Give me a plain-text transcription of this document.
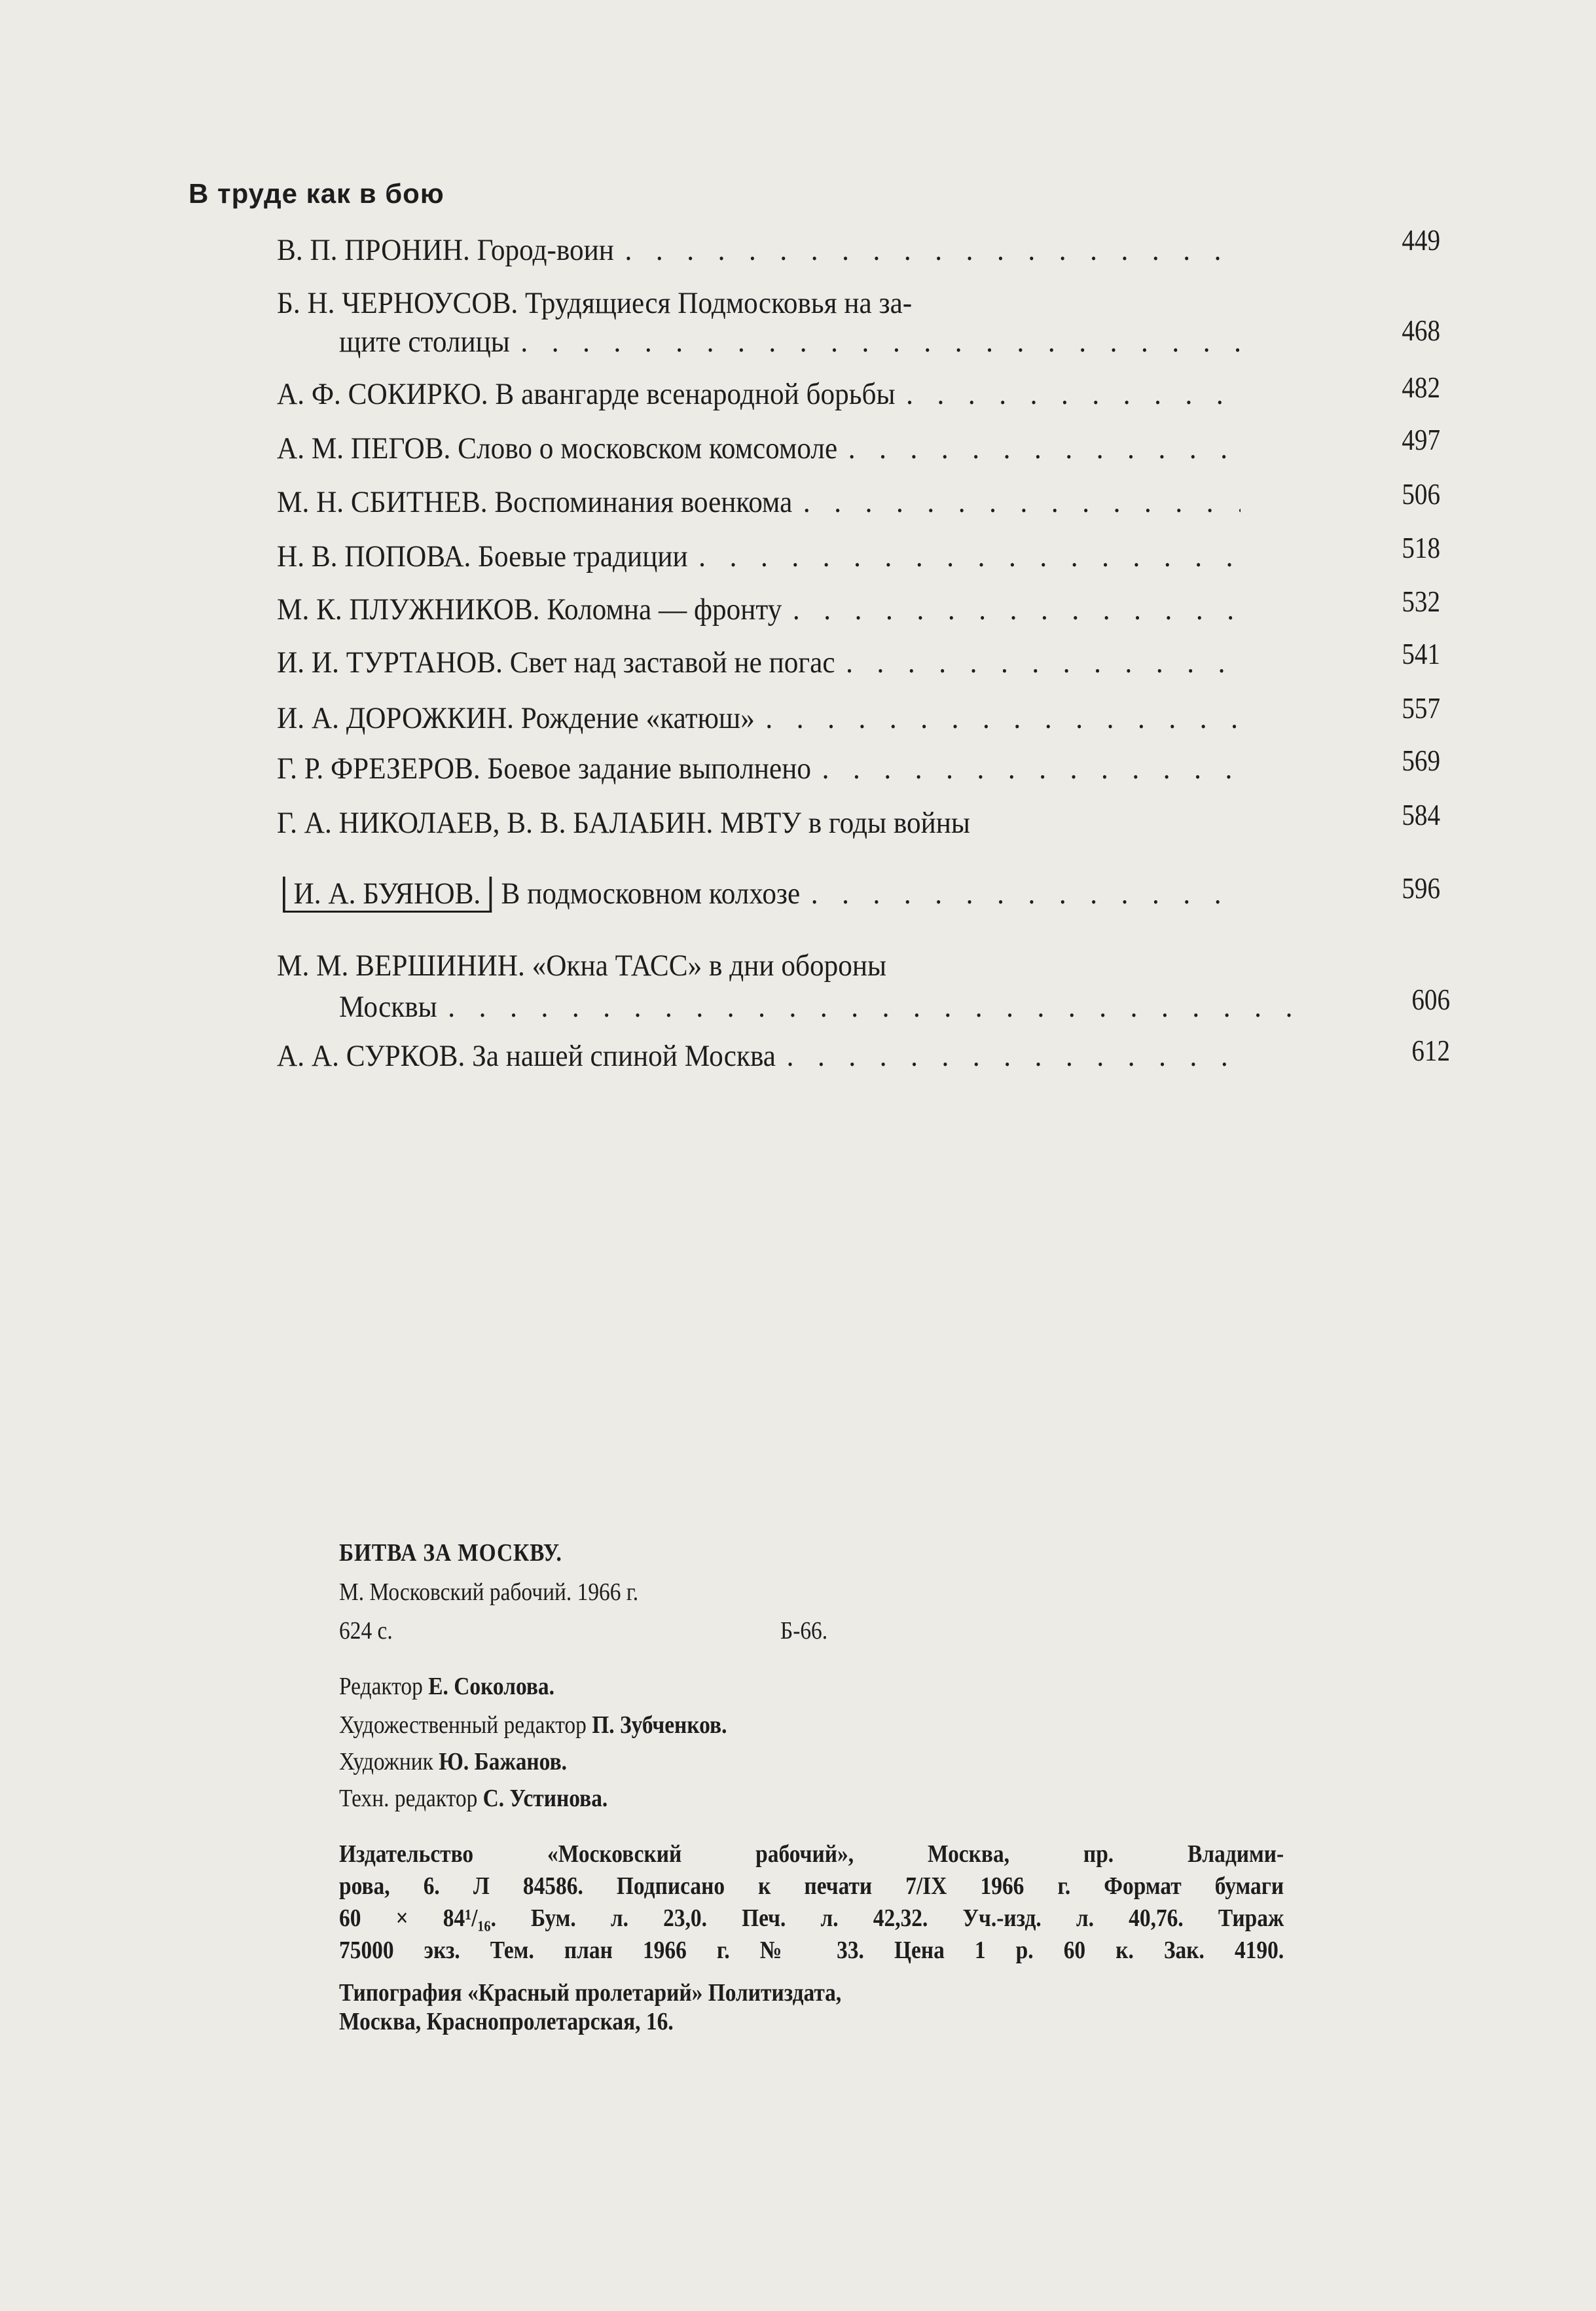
В труде как в бою
В. П. ПРОНИН. Город-воин . . .	449
Б. Н. ЧЕРНОУСОВ. Трудящиеся Подмосковья на за-
щите столицы . . .	468
А. Ф. СОКИРКО. В авангарде всенародной борьбы . . .	482
А. М. ПЕГОВ. Слово о московском комсомоле . . .	497
М. Н. СБИТНЕВ. Воспоминания военкома . . .	506
Н. В. ПОПОВА. Боевые традиции . . .	518
М. К. ПЛУЖНИКОВ. Коломна — фронту . . .	532
И. И. ТУРТАНОВ. Свет над заставой не погас . . .	541
И. А. ДОРОЖКИН. Рождение «катюш» . . .	557
Г. Р. ФРЕЗЕРОВ. Боевое задание выполнено . . .	569
Г. А. НИКОЛАЕВ, В. В. БАЛАБИН. МВТУ в годы войны	584
И. А. БУЯНОВ. В подмосковном колхозе . . .	596
М. М. ВЕРШИНИН. «Окна ТАСС» в дни обороны
Москвы . . .	606
А. А. СУРКОВ. За нашей спиной Москва . . .	612
БИТВА ЗА МОСКВУ.
М. Московский рабочий. 1966 г.
624 с.	Б-66.
Редактор Е. Соколова.
Художественный редактор П. Зубченков.
Художник Ю. Бажанов.
Техн. редактор С. Устинова.
Издательство «Московский рабочий», Москва, пр. Владими-
рова, 6. Л 84586. Подписано к печати 7/IX 1966 г. Формат бумаги
60 × 84¹/₁₆. Бум. л. 23,0. Печ. л. 42,32. Уч.-изд. л. 40,76. Тираж
75000 экз. Тем. план 1966 г. № 33. Цена 1 р. 60 к. Зак. 4190.
Типография «Красный пролетарий» Политиздата,
Москва, Краснопролетарская, 16.
